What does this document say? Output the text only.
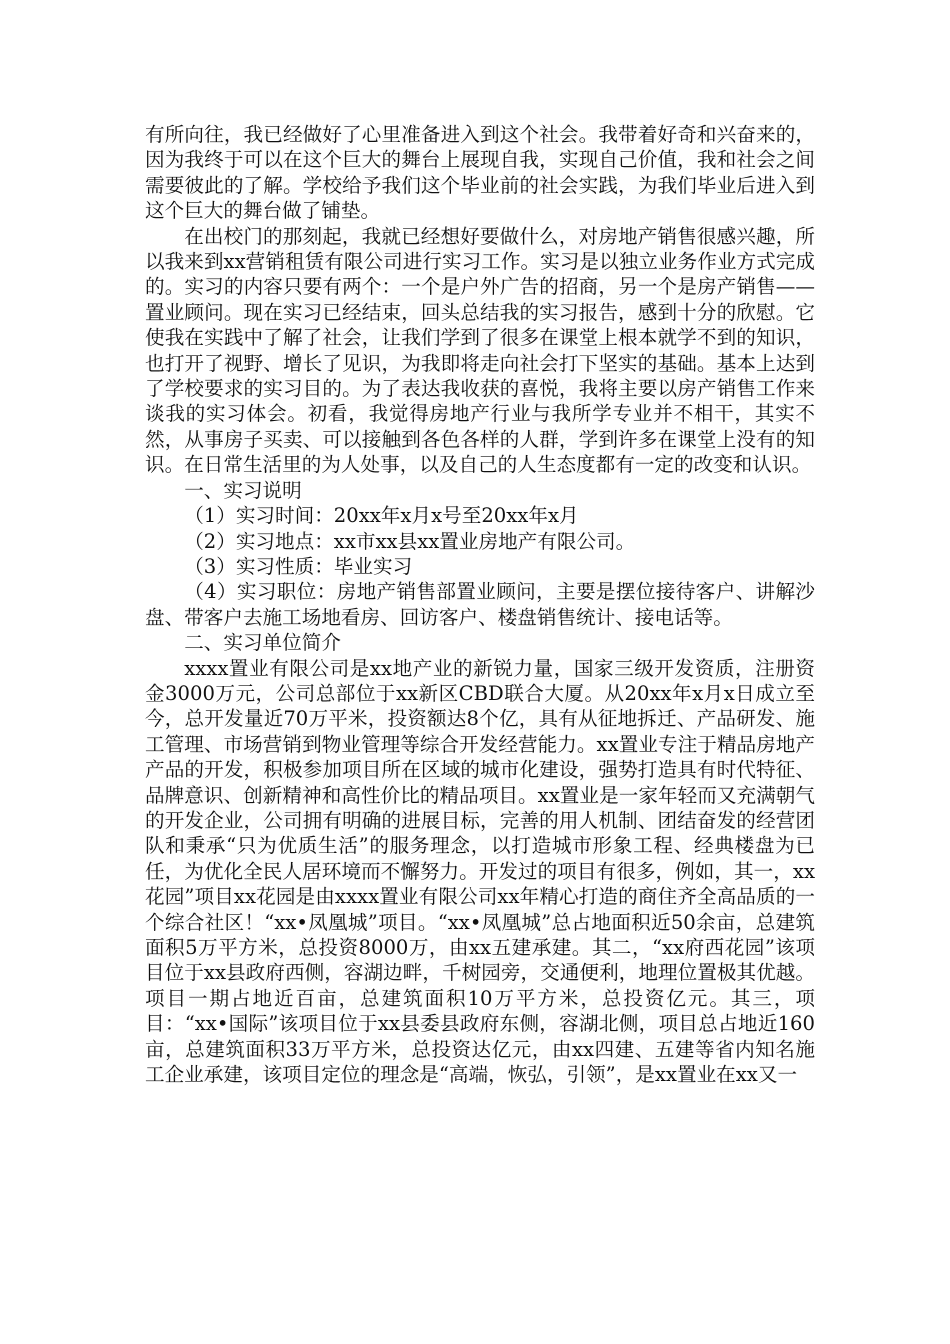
有所向往，我已经做好了心里准备进入到这个社会。我带着好奇和兴奋来的，因为我终于可以在这个巨大的舞台上展现自我，实现自己价值，我和社会之间需要彼此的了解。学校给予我们这个毕业前的社会实践，为我们毕业后进入到这个巨大的舞台做了铺垫。

在出校门的那刻起，我就已经想好要做什么，对房地产销售很感兴趣，所以我来到xx营销租赁有限公司进行实习工作。实习是以独立业务作业方式完成的。实习的内容只要有两个：一个是户外广告的招商，另一个是房产销售——置业顾问。现在实习已经结束，回头总结我的实习报告，感到十分的欣慰。它使我在实践中了解了社会，让我们学到了很多在课堂上根本就学不到的知识，也打开了视野、增长了见识，为我即将走向社会打下坚实的基础。基本上达到了学校要求的实习目的。为了表达我收获的喜悦，我将主要以房产销售工作来谈我的实习体会。初看，我觉得房地产行业与我所学专业并不相干，其实不然，从事房子买卖、可以接触到各色各样的人群，学到许多在课堂上没有的知识。在日常生活里的为人处事，以及自己的人生态度都有一定的改变和认识。

一、实习说明

（1）实习时间：20xx年x月x号至20xx年x月

（2）实习地点：xx市xx县xx置业房地产有限公司。

（3）实习性质：毕业实习

（4）实习职位：房地产销售部置业顾问，主要是摆位接待客户、讲解沙盘、带客户去施工场地看房、回访客户、楼盘销售统计、接电话等。

二、实习单位简介

xxxx置业有限公司是xx地产业的新锐力量，国家三级开发资质，注册资金3000万元，公司总部位于xx新区CBD联合大厦。从20xx年x月x日成立至今，总开发量近70万平米，投资额达8个亿，具有从征地拆迁、产品研发、施工管理、市场营销到物业管理等综合开发经营能力。xx置业专注于精品房地产产品的开发，积极参加项目所在区域的城市化建设，强势打造具有时代特征、品牌意识、创新精神和高性价比的精品项目。xx置业是一家年轻而又充满朝气的开发企业，公司拥有明确的进展目标，完善的用人机制、团结奋发的经营团队和秉承“只为优质生活”的服务理念，以打造城市形象工程、经典楼盘为已任，为优化全民人居环境而不懈努力。开发过的项目有很多，例如，其一，xx花园”项目xx花园是由xxxx置业有限公司xx年精心打造的商住齐全高品质的一个综合社区！“xx•凤凰城”项目。“xx•凤凰城”总占地面积近50余亩，总建筑面积5万平方米，总投资8000万，由xx五建承建。其二，“xx府西花园”该项目位于xx县政府西侧，容湖边畔，千树园旁，交通便利，地理位置极其优越。项目一期占地近百亩，总建筑面积10万平方米，总投资亿元。其三，项目：“xx•国际”该项目位于xx县委县政府东侧，容湖北侧，项目总占地近160亩，总建筑面积33万平方米，总投资达亿元，由xx四建、五建等省内知名施工企业承建，该项目定位的理念是“高端，恢弘，引领”，是xx置业在xx又一
